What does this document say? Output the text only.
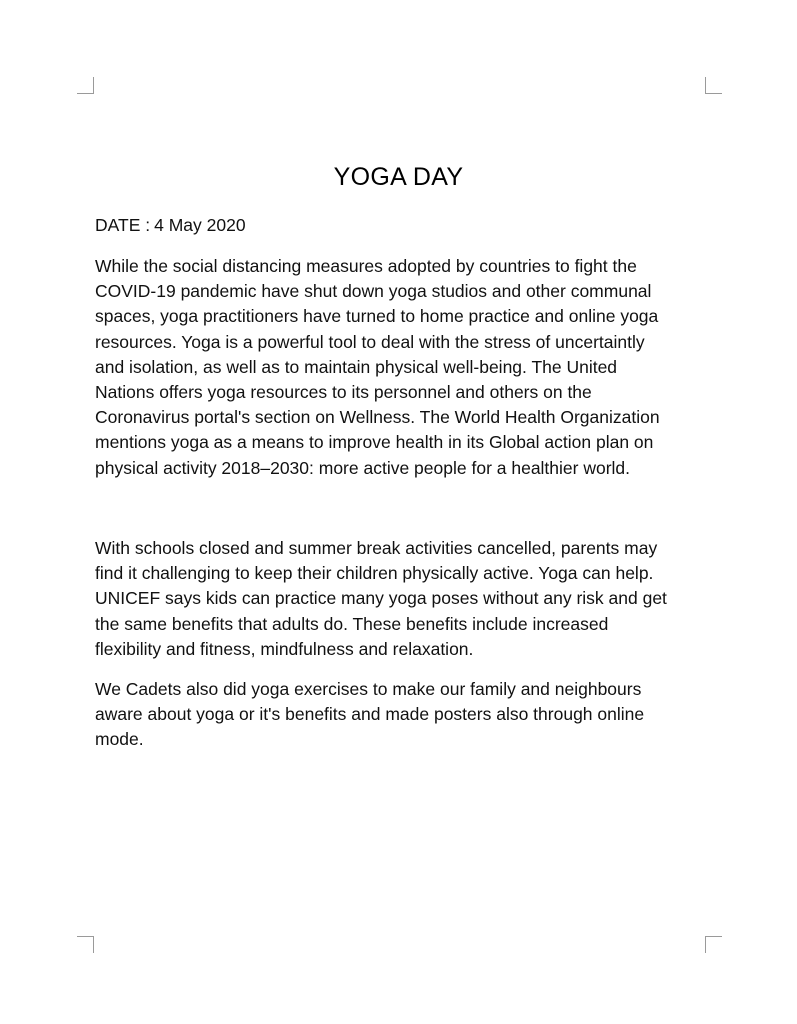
YOGA DAY

DATE : 4 May 2020

While the social distancing measures adopted by countries to fight the
COVID-19 pandemic have shut down yoga studios and other communal
spaces, yoga practitioners have turned to home practice and online yoga
resources. Yoga is a powerful tool to deal with the stress of uncertaintly
and isolation, as well as to maintain physical well-being. The United
Nations offers yoga resources to its personnel and others on the
Coronavirus portal's section on Wellness. The World Health Organization
mentions yoga as a means to improve health in its Global action plan on
physical activity 2018–2030: more active people for a healthier world.

With schools closed and summer break activities cancelled, parents may
find it challenging to keep their children physically active. Yoga can help.
UNICEF says kids can practice many yoga poses without any risk and get
the same benefits that adults do. These benefits include increased
flexibility and fitness, mindfulness and relaxation.

We Cadets also did yoga exercises to make our family and neighbours
aware about yoga or it's benefits and made posters also through online
mode.
